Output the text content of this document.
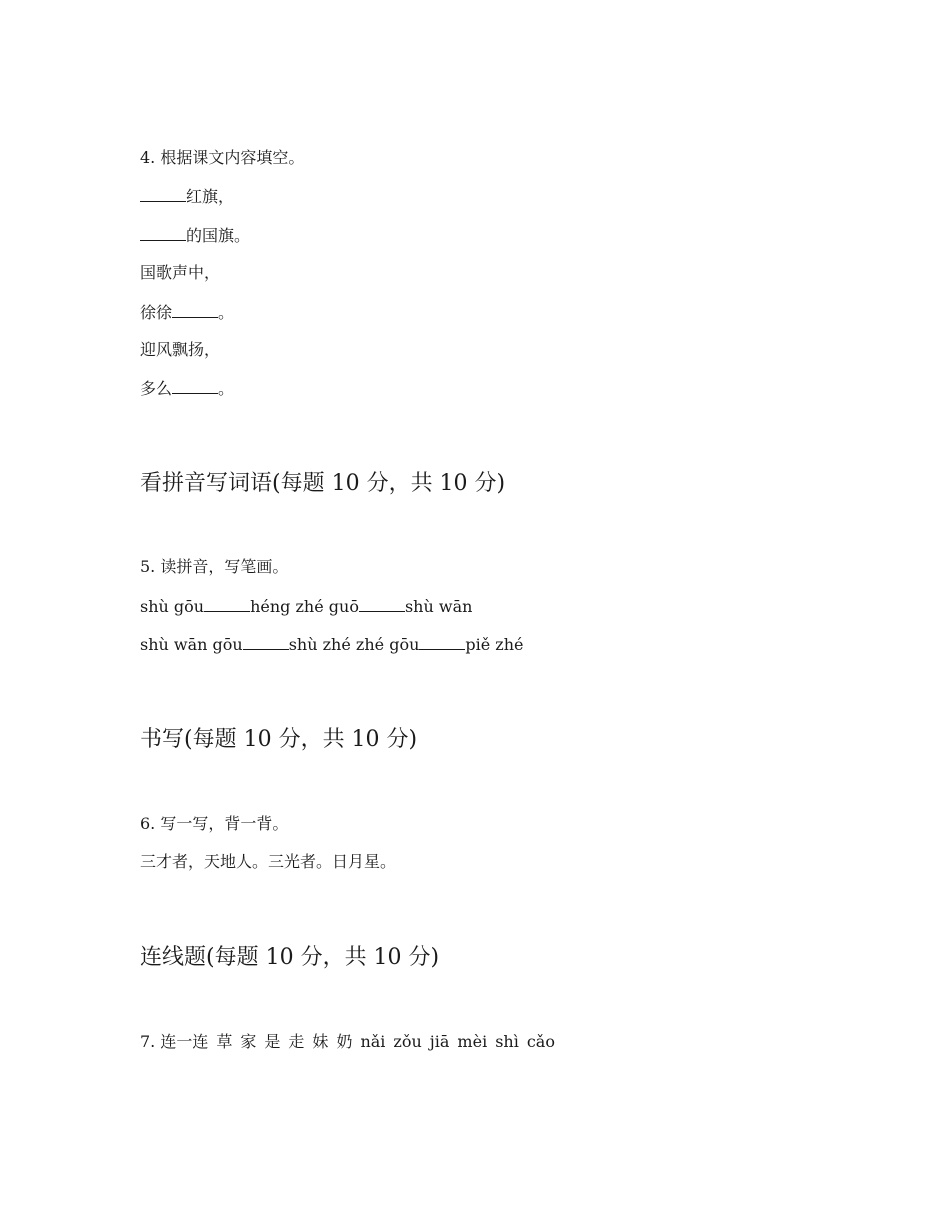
4. 根据课文内容填空。
红旗，
的国旗。
国歌声中，
徐徐	。
迎风飘扬，
多么	。
看拼音写词语(每题 10 分，共 10 分)
5. 读拼音，写笔画。
shù gōu	héng zhé guō	shù wān
shù wān gōu	shù zhé zhé gōu	piě zhé
书写(每题 10 分，共 10 分)
6. 写一写，背一背。
三才者，天地人。三光者。日月星。
连线题(每题 10 分，共 10 分)
7. 连一连 草 家 是 走 妹 奶 nǎi zǒu jiā mèi shì cǎo
